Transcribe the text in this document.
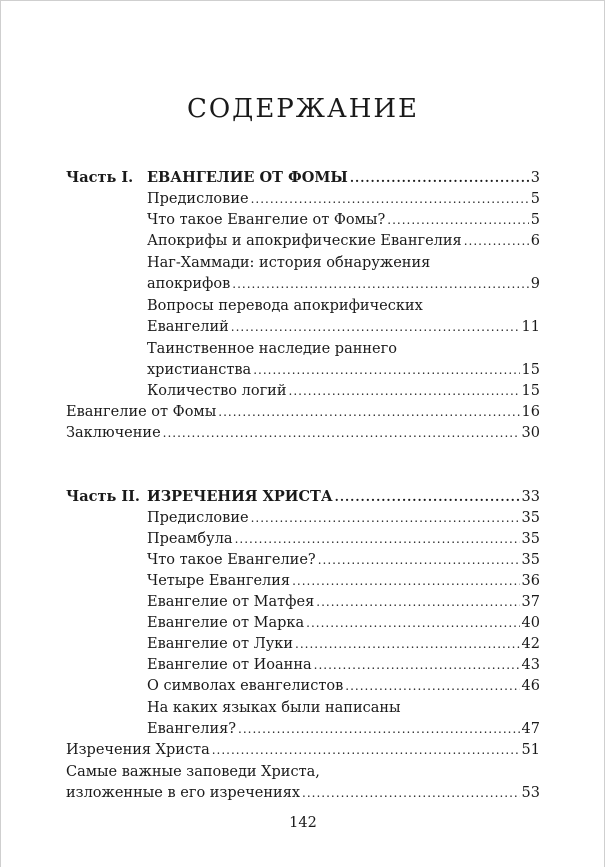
СОДЕРЖАНИЕ
Часть I. ЕВАНГЕЛИЕ ОТ ФОМЫ .....	3
Предисловие .....	5
Что такое Евангелие от Фомы? .....	5
Апокрифы и апокрифические Евангелия .....	6
Наг-Хаммади: история обнаружения
апокрифов .....	9
Вопросы перевода апокрифических
Евангелий .....	11
Таинственное наследие раннего
христианства .....	15
Количество логий .....	15
Евангелие от Фомы .....	16
Заключение .....	30
Часть II. ИЗРЕЧЕНИЯ ХРИСТА .....	33
Предисловие .....	35
Преамбула .....	35
Что такое Евангелие? .....	35
Четыре Евангелия .....	36
Евангелие от Матфея .....	37
Евангелие от Марка .....	40
Евангелие от Луки .....	42
Евангелие от Иоанна .....	43
О символах евангелистов .....	46
На каких языках были написаны
Евангелия? .....	47
Изречения Христа .....	51
Самые важные заповеди Христа,
изложенные в его изречениях .....	53
142
